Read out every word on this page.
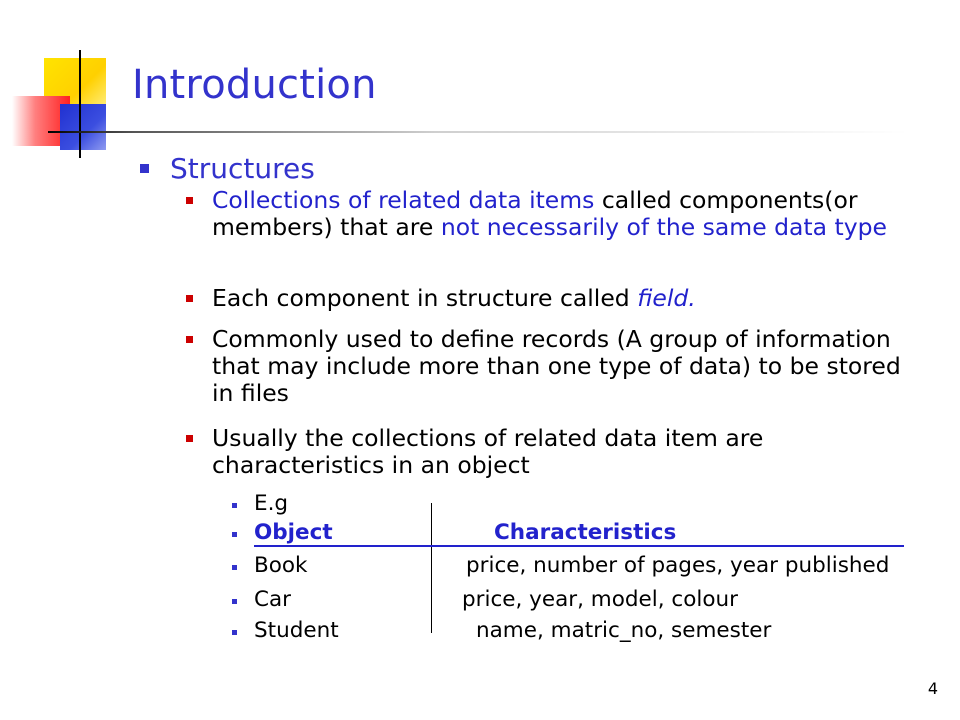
Introduction
Structures
Collections of related data items called components(or members) that are not necessarily of the same data type
Each component in structure called field.
Commonly used to define records (A group of information that may include more than one type of data) to be stored in files
Usually the collections of related data item are characteristics in an object
E.g
Object	Characteristics
Book	price, number of pages, year published
Car	price, year, model, colour
Student	name, matric_no, semester
4
